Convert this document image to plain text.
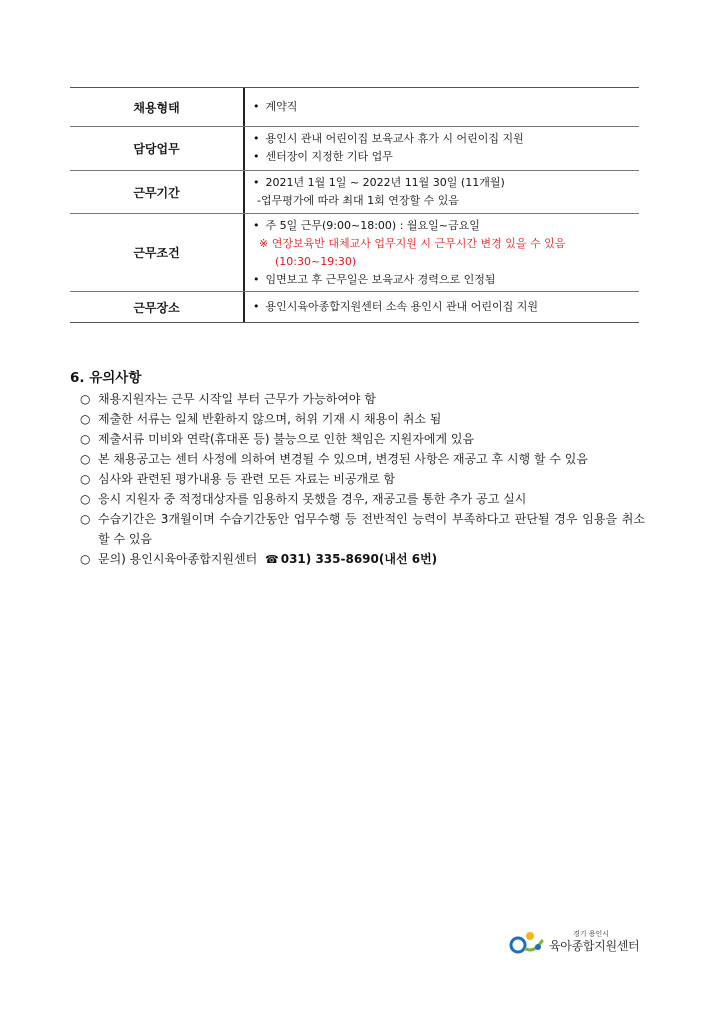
채용형태	• 계약직
담당업무
• 용인시 관내 어린이집 보육교사 휴가 시 어린이집 지원
• 센터장이 지정한 기타 업무
근무기간
• 2021년 1월 1일 ~ 2022년 11월 30일 (11개월)
-업무평가에 따라 최대 1회 연장할 수 있음
근무조건
• 주 5일 근무(9:00~18:00) : 월요일~금요일
※ 연장보육반 대체교사 업무지원 시 근무시간 변경 있을 수 있음
(10:30~19:30)
• 임면보고 후 근무일은 보육교사 경력으로 인정됨
근무장소	• 용인시육아종합지원센터 소속 용인시 관내 어린이집 지원
6. 유의사항
○ 채용지원자는 근무 시작일 부터 근무가 가능하여야 함
○ 제출한 서류는 일체 반환하지 않으며, 허위 기재 시 채용이 취소 됨
○ 제출서류 미비와 연락(휴대폰 등) 불능으로 인한 책임은 지원자에게 있음
○ 본 채용공고는 센터 사정에 의하여 변경될 수 있으며, 변경된 사항은 재공고 후 시행 할 수 있음
○ 심사와 관련된 평가내용 등 관련 모든 자료는 비공개로 함
○ 응시 지원자 중 적정대상자를 임용하지 못했을 경우, 재공고를 통한 추가 공고 실시
○ 수습기간은 3개월이며 수습기간동안 업무수행 등 전반적인 능력이 부족하다고 판단될 경우 임용을 취소할 수 있음
○ 문의) 용인시육아종합지원센터 ☎ 031) 335-8690(내선 6번)
경기 용인시
육아종합지원센터
